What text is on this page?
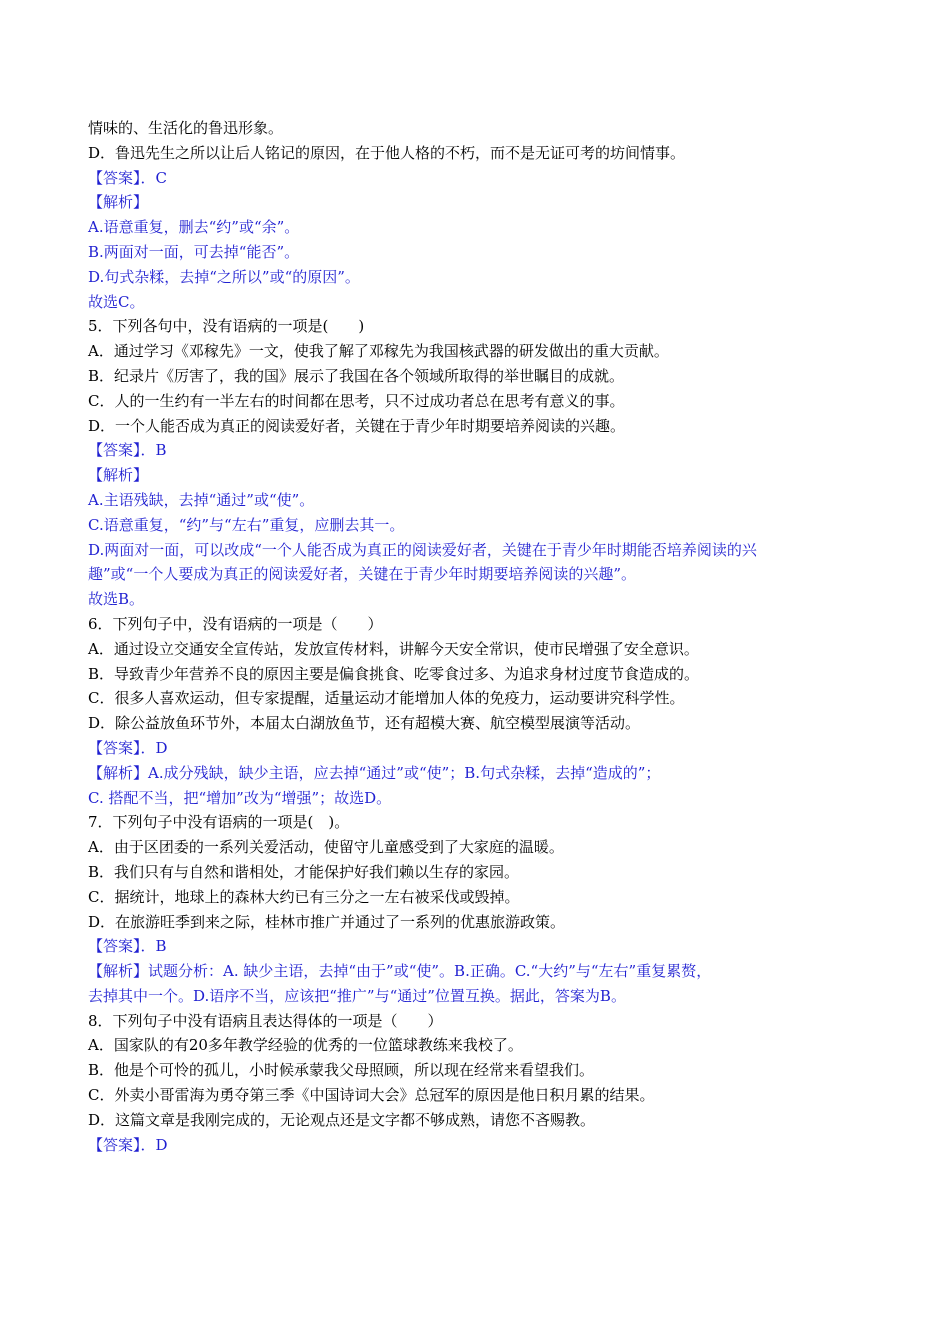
情味的、生活化的鲁迅形象。
D．鲁迅先生之所以让后人铭记的原因，在于他人格的不朽，而不是无证可考的坊间情事。
【答案】．C
【解析】
A.语意重复，删去“约”或“余”。
B.两面对一面，可去掉“能否”。
D.句式杂糅，去掉“之所以”或“的原因”。
故选C。
5．下列各句中，没有语病的一项是(　　)
A．通过学习《邓稼先》一文，使我了解了邓稼先为我国核武器的研发做出的重大贡献。
B．纪录片《厉害了，我的国》展示了我国在各个领域所取得的举世瞩目的成就。
C．人的一生约有一半左右的时间都在思考，只不过成功者总在思考有意义的事。
D．一个人能否成为真正的阅读爱好者，关键在于青少年时期要培养阅读的兴趣。
【答案】．B
【解析】
A.主语残缺，去掉“通过”或“使”。
C.语意重复，“约”与“左右”重复，应删去其一。
D.两面对一面，可以改成“一个人能否成为真正的阅读爱好者，关键在于青少年时期能否培养阅读的兴
趣”或“一个人要成为真正的阅读爱好者，关键在于青少年时期要培养阅读的兴趣”。
故选B。
6．下列句子中，没有语病的一项是（　　）
A．通过设立交通安全宣传站，发放宣传材料，讲解今天安全常识，使市民增强了安全意识。
B．导致青少年营养不良的原因主要是偏食挑食、吃零食过多、为追求身材过度节食造成的。
C．很多人喜欢运动，但专家提醒，适量运动才能增加人体的免疫力，运动要讲究科学性。
D．除公益放鱼环节外，本届太白湖放鱼节，还有超模大赛、航空模型展演等活动。
【答案】．D
【解析】A.成分残缺，缺少主语，应去掉“通过”或“使”；B.句式杂糅，去掉“造成的”；
C. 搭配不当，把“增加”改为“增强”；故选D。
7．下列句子中没有语病的一项是(　)。
A．由于区团委的一系列关爱活动，使留守儿童感受到了大家庭的温暖。
B．我们只有与自然和谐相处，才能保护好我们赖以生存的家园。
C．据统计，地球上的森林大约已有三分之一左右被采伐或毁掉。
D．在旅游旺季到来之际，桂林市推广并通过了一系列的优惠旅游政策。
【答案】．B
【解析】试题分析：A. 缺少主语，去掉“由于”或“使”。B.正确。C.“大约”与“左右”重复累赘，
去掉其中一个。D.语序不当，应该把“推广”与“通过”位置互换。据此，答案为B。
8．下列句子中没有语病且表达得体的一项是（　　）
A．国家队的有20多年教学经验的优秀的一位篮球教练来我校了。
B．他是个可怜的孤儿，小时候承蒙我父母照顾，所以现在经常来看望我们。
C．外卖小哥雷海为勇夺第三季《中国诗词大会》总冠军的原因是他日积月累的结果。
D．这篇文章是我刚完成的，无论观点还是文字都不够成熟，请您不吝赐教。
【答案】．D
